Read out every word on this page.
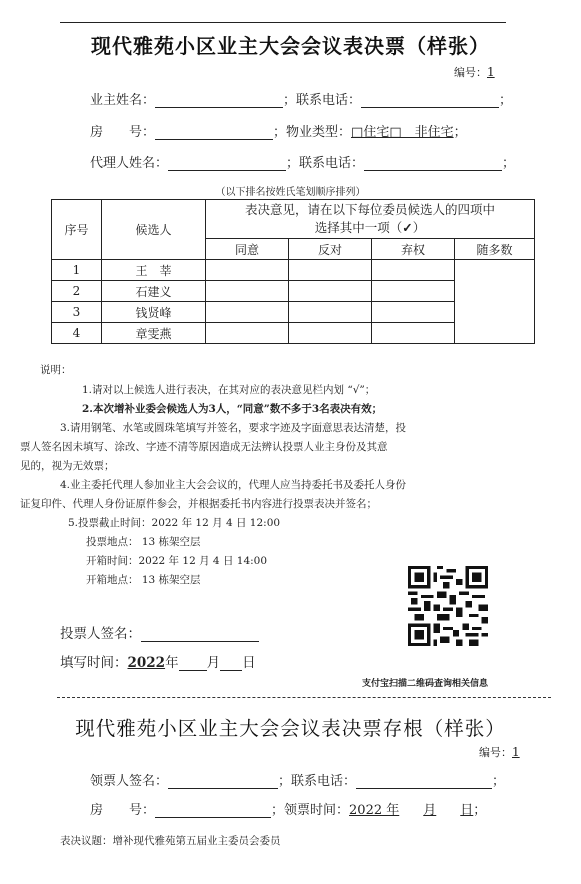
现代雅苑小区业主大会会议表决票（样张）
编号：1
业主姓名：	；联系电话：	；
房　　号：	；物业类型：□住宅□　非住宅；
代理人姓名：	；联系电话：	；
（以下排名按姓氏笔划顺序排列）
序号	候选人	表决意见，请在以下每位委员候选人的四项中
选择其中一项（✓）			

		同意	反对	弃权	随多数
1	王　莘				
2	石建义				
3	钱贤峰				
4	章雯燕				
说明：
1.请对以上候选人进行表决，在其对应的表决意见栏内划 “√”；
2.本次增补业委会候选人为3人，“同意”数不多于3名表决有效；
3.请用钢笔、水笔或圆珠笔填写并签名，要求字迹及字面意思表达清楚，投
票人签名因未填写、涂改、字迹不清等原因造成无法辨认投票人业主身份及其意
见的，视为无效票；
4.业主委托代理人参加业主大会会议的，代理人应当持委托书及委托人身份
证复印件、代理人身份证原件参会，并根据委托书内容进行投票表决并签名；
5.投票截止时间：2022 年 12 月 4 日 12:00
投票地点： 13 栋架空层
开箱时间：2022 年 12 月 4 日 14:00
开箱地点： 13 栋架空层
投票人签名：
填写时间：2022年 月 日
支付宝扫描二维码查询相关信息
现代雅苑小区业主大会会议表决票存根（样张）
编号：1
领票人签名：	；联系电话：	；
房　　号：	；领票时间：2022 年 月 日；
表决议题：增补现代雅苑第五届业主委员会委员
